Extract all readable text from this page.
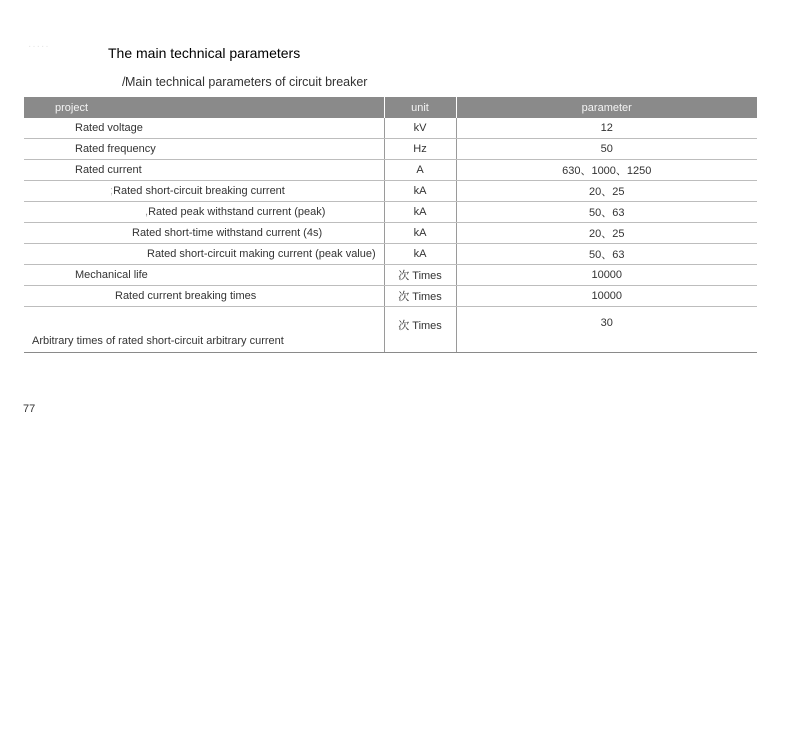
·····	The main technical parameters
/ Main technical parameters of circuit breaker
project	unit	parameter
Rated voltage	kV	12
Rated frequency	Hz	50
Rated current	A	630、1000、1250
;Rated short-circuit breaking current	kA	20、25
,Rated peak withstand current (peak)	kA	50、63
Rated short-time withstand current (4s)	kA	20、25
Rated short-circuit making current (peak value)	kA	50、63
Mechanical life	次 Times	10000
Rated current breaking times	次 Times	10000
Arbitrary times of rated short-circuit arbitrary current	次 Times	30
77
